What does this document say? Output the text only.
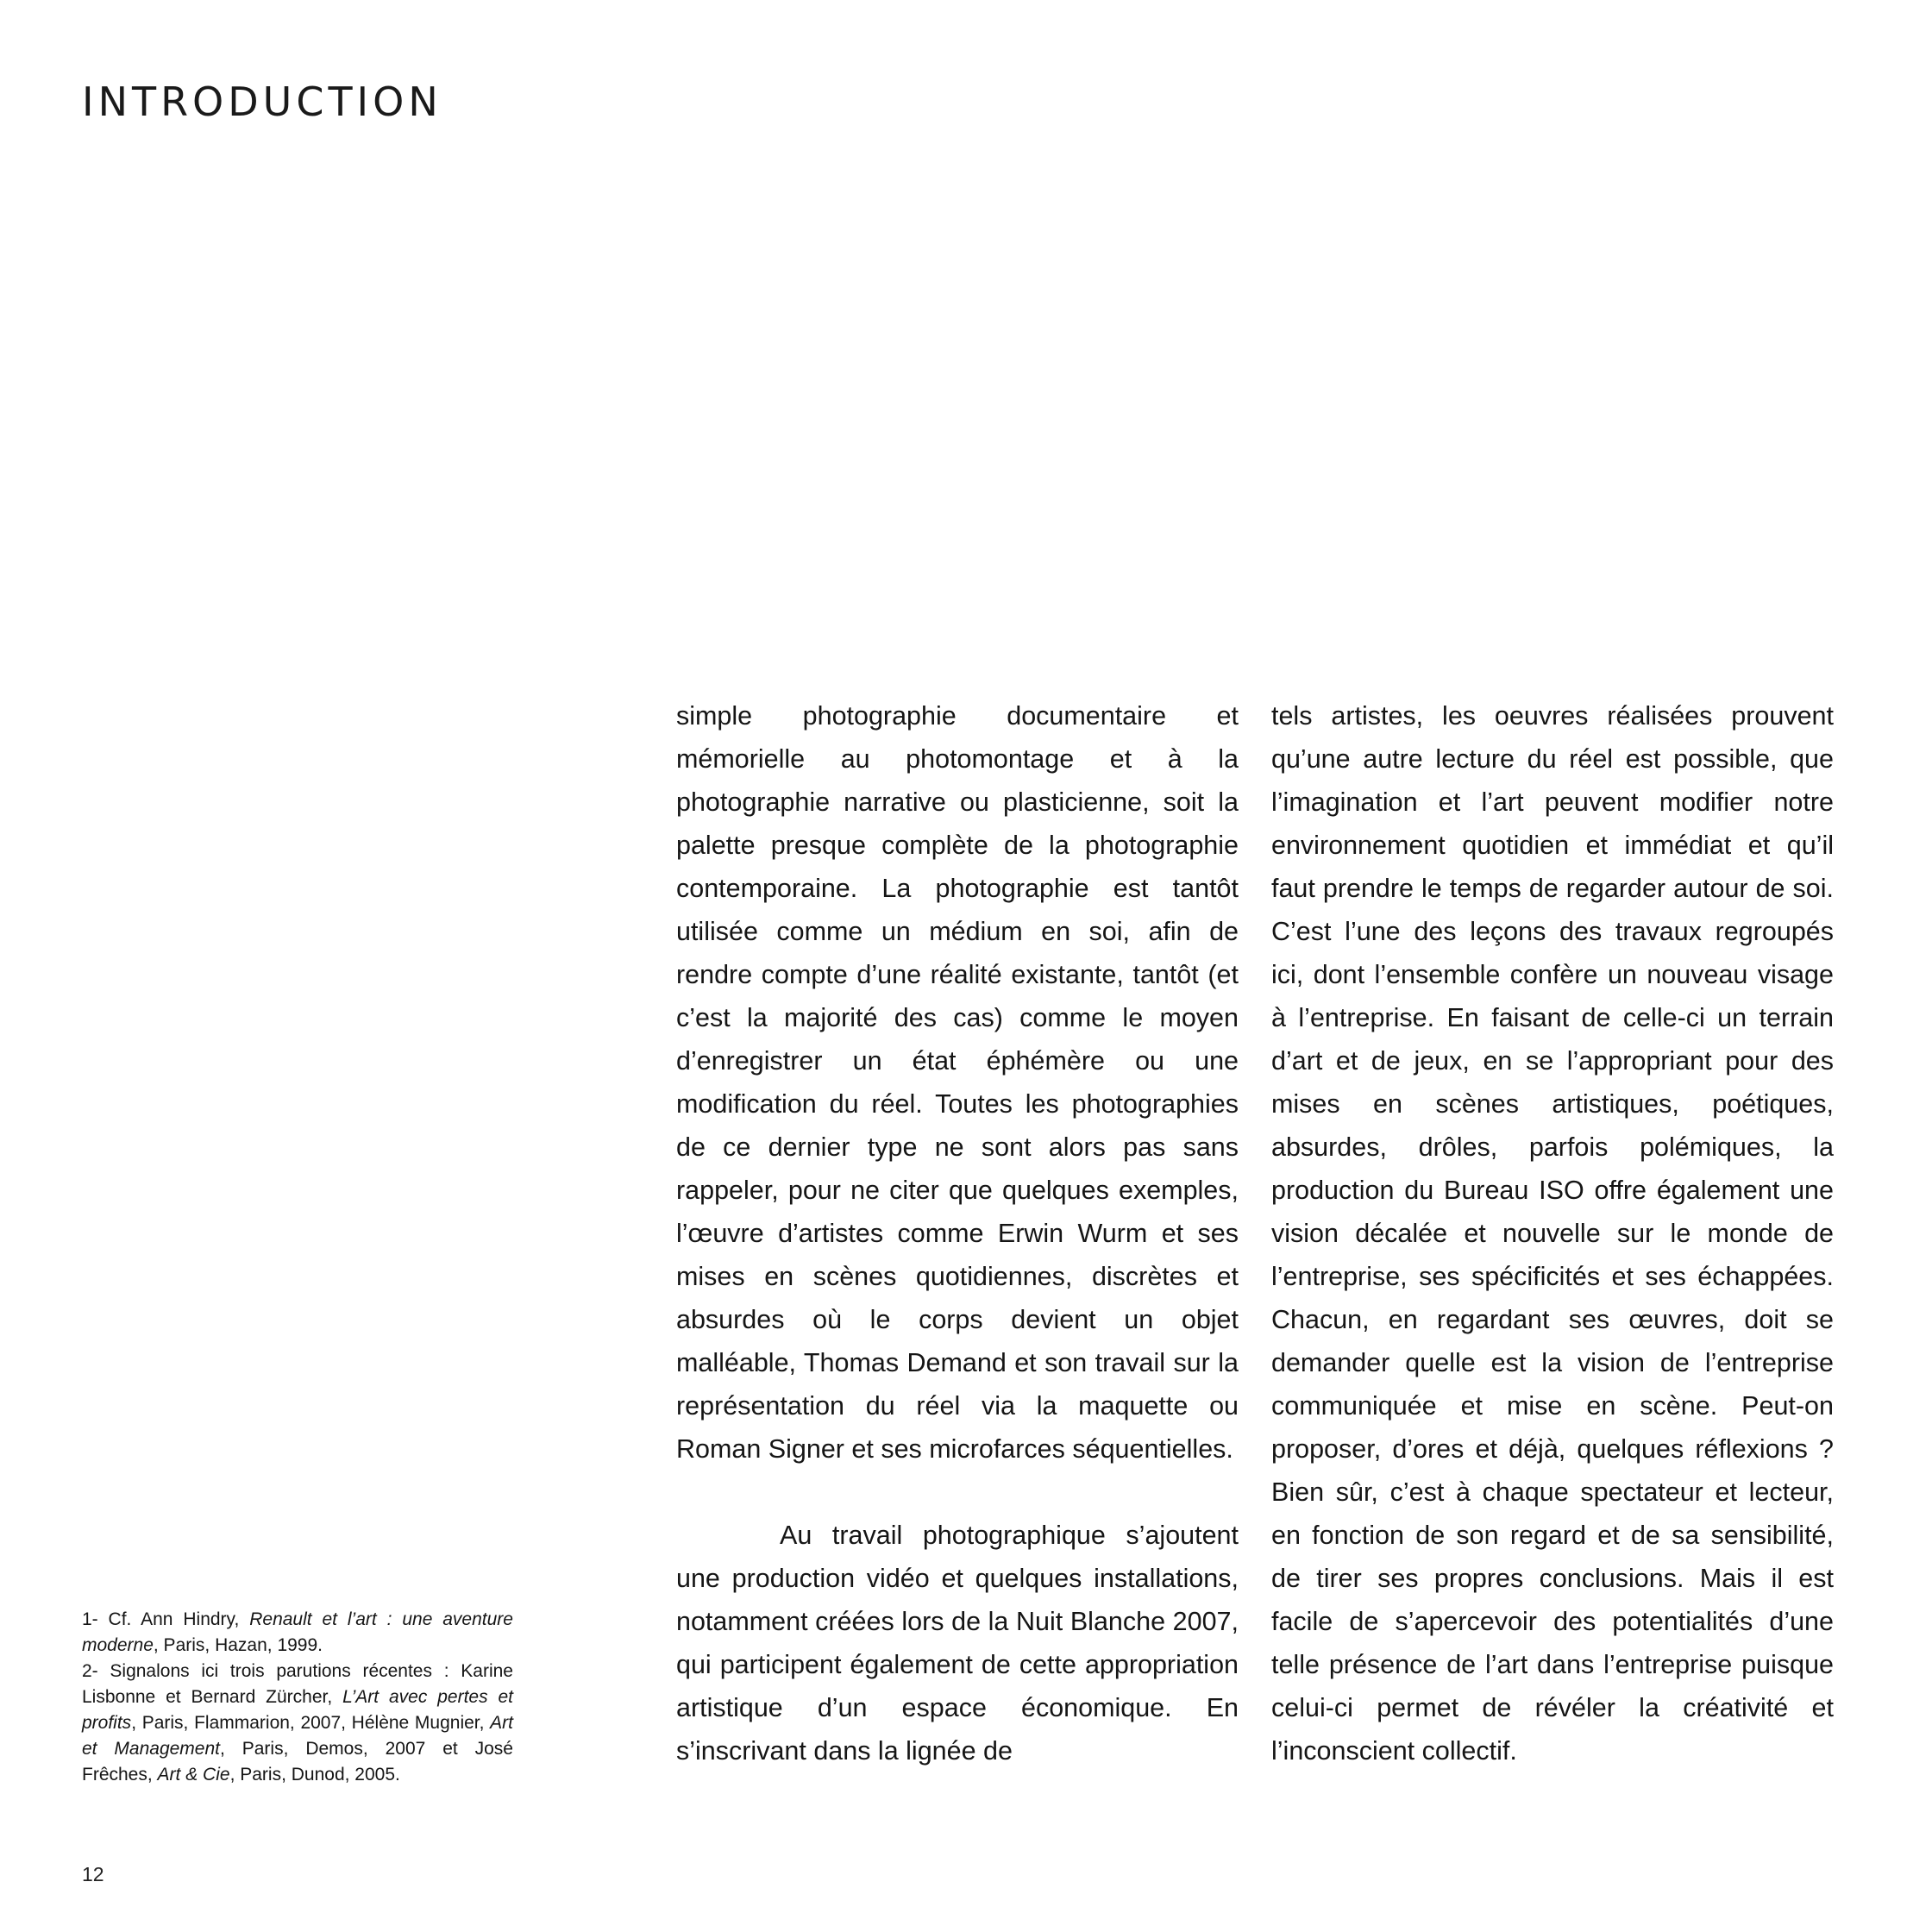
INTRODUCTION

simple photographie documentaire et mémorielle au photomontage et à la photographie narrative ou plasticienne, soit la palette presque complète de la photographie contemporaine. La photographie est tantôt utilisée comme un médium en soi, afin de rendre compte d’une réalité existante, tantôt (et c’est la majorité des cas) comme le moyen d’enregistrer un état éphémère ou une modification du réel. Toutes les photographies de ce dernier type ne sont alors pas sans rappeler, pour ne citer que quelques exemples, l’œuvre d’artistes comme Erwin Wurm et ses mises en scènes quotidiennes, discrètes et absurdes où le corps devient un objet malléable, Thomas Demand et son travail sur la représentation du réel via la maquette ou Roman Signer et ses microfarces séquentielles.

Au travail photographique s’ajoutent une production vidéo et quelques installations, notamment créées lors de la Nuit Blanche 2007, qui participent également de cette appropriation artistique d’un espace économique. En s’inscrivant dans la lignée de

tels artistes, les oeuvres réalisées prouvent qu’une autre lecture du réel est possible, que l’imagination et l’art peuvent modifier notre environnement quotidien et immédiat et qu’il faut prendre le temps de regarder autour de soi. C’est l’une des leçons des travaux regroupés ici, dont l’ensemble confère un nouveau visage à l’entreprise. En faisant de celle-ci un terrain d’art et de jeux, en se l’appropriant pour des mises en scènes artistiques, poétiques, absurdes, drôles, parfois polémiques, la production du Bureau ISO offre également une vision décalée et nouvelle sur le monde de l’entreprise, ses spécificités et ses échappées. Chacun, en regardant ses œuvres, doit se demander quelle est la vision de l’entreprise communiquée et mise en scène. Peut-on proposer, d’ores et déjà, quelques réflexions ? Bien sûr, c’est à chaque spectateur et lecteur, en fonction de son regard et de sa sensibilité, de tirer ses propres conclusions. Mais il est facile de s’apercevoir des potentialités d’une telle présence de l’art dans l’entreprise puisque celui-ci permet de révéler la créativité et l’inconscient collectif.

1- Cf. Ann Hindry, Renault et l’art : une aventure moderne, Paris, Hazan, 1999.

2- Signalons ici trois parutions récentes : Karine Lisbonne et Bernard Zürcher, L’Art avec pertes et profits, Paris, Flammarion, 2007, Hélène Mugnier, Art et Management, Paris, Demos, 2007 et José Frêches, Art & Cie, Paris, Dunod, 2005.

12
